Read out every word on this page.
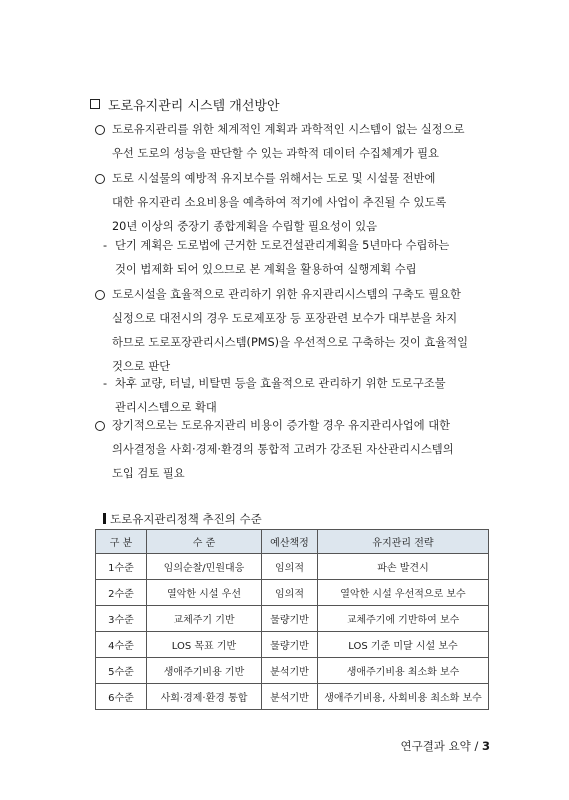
도로유지관리 시스템 개선방안
도로유지관리를 위한 체계적인 계획과 과학적인 시스템이 없는 실정으로
우선 도로의 성능을 판단할 수 있는 과학적 데이터 수집체계가 필요
도로 시설물의 예방적 유지보수를 위해서는 도로 및 시설물 전반에
대한 유지관리 소요비용을 예측하여 적기에 사업이 추진될 수 있도록
20년 이상의 중장기 종합계획을 수립할 필요성이 있음
- 단기 계획은 도로법에 근거한 도로건설관리계획을 5년마다 수립하는
것이 법제화 되어 있으므로 본 계획을 활용하여 실행계획 수립
도로시설을 효율적으로 관리하기 위한 유지관리시스템의 구축도 필요한
실정으로 대전시의 경우 도로제포장 등 포장관련 보수가 대부분을 차지
하므로 도로포장관리시스템(PMS)을 우선적으로 구축하는 것이 효율적일
것으로 판단
- 차후 교량, 터널, 비탈면 등을 효율적으로 관리하기 위한 도로구조물
관리시스템으로 확대
장기적으로는 도로유지관리 비용이 증가할 경우 유지관리사업에 대한
의사결정을 사회·경제·환경의 통합적 고려가 강조된 자산관리시스템의
도입 검토 필요
도로유지관리정책 추진의 수준
구 분	수 준	예산책정	유지관리 전략
1수준	임의순찰/민원대응	임의적	파손 발견시
2수준	열악한 시설 우선	임의적	열악한 시설 우선적으로 보수
3수준	교체주기 기반	물량기반	교체주기에 기반하여 보수
4수준	LOS 목표 기반	물량기반	LOS 기준 미달 시설 보수
5수준	생애주기비용 기반	분석기반	생애주기비용 최소화 보수
6수준	사회·경제·환경 통합	분석기반	생애주기비용, 사회비용 최소화 보수
연구결과 요약 / 3
